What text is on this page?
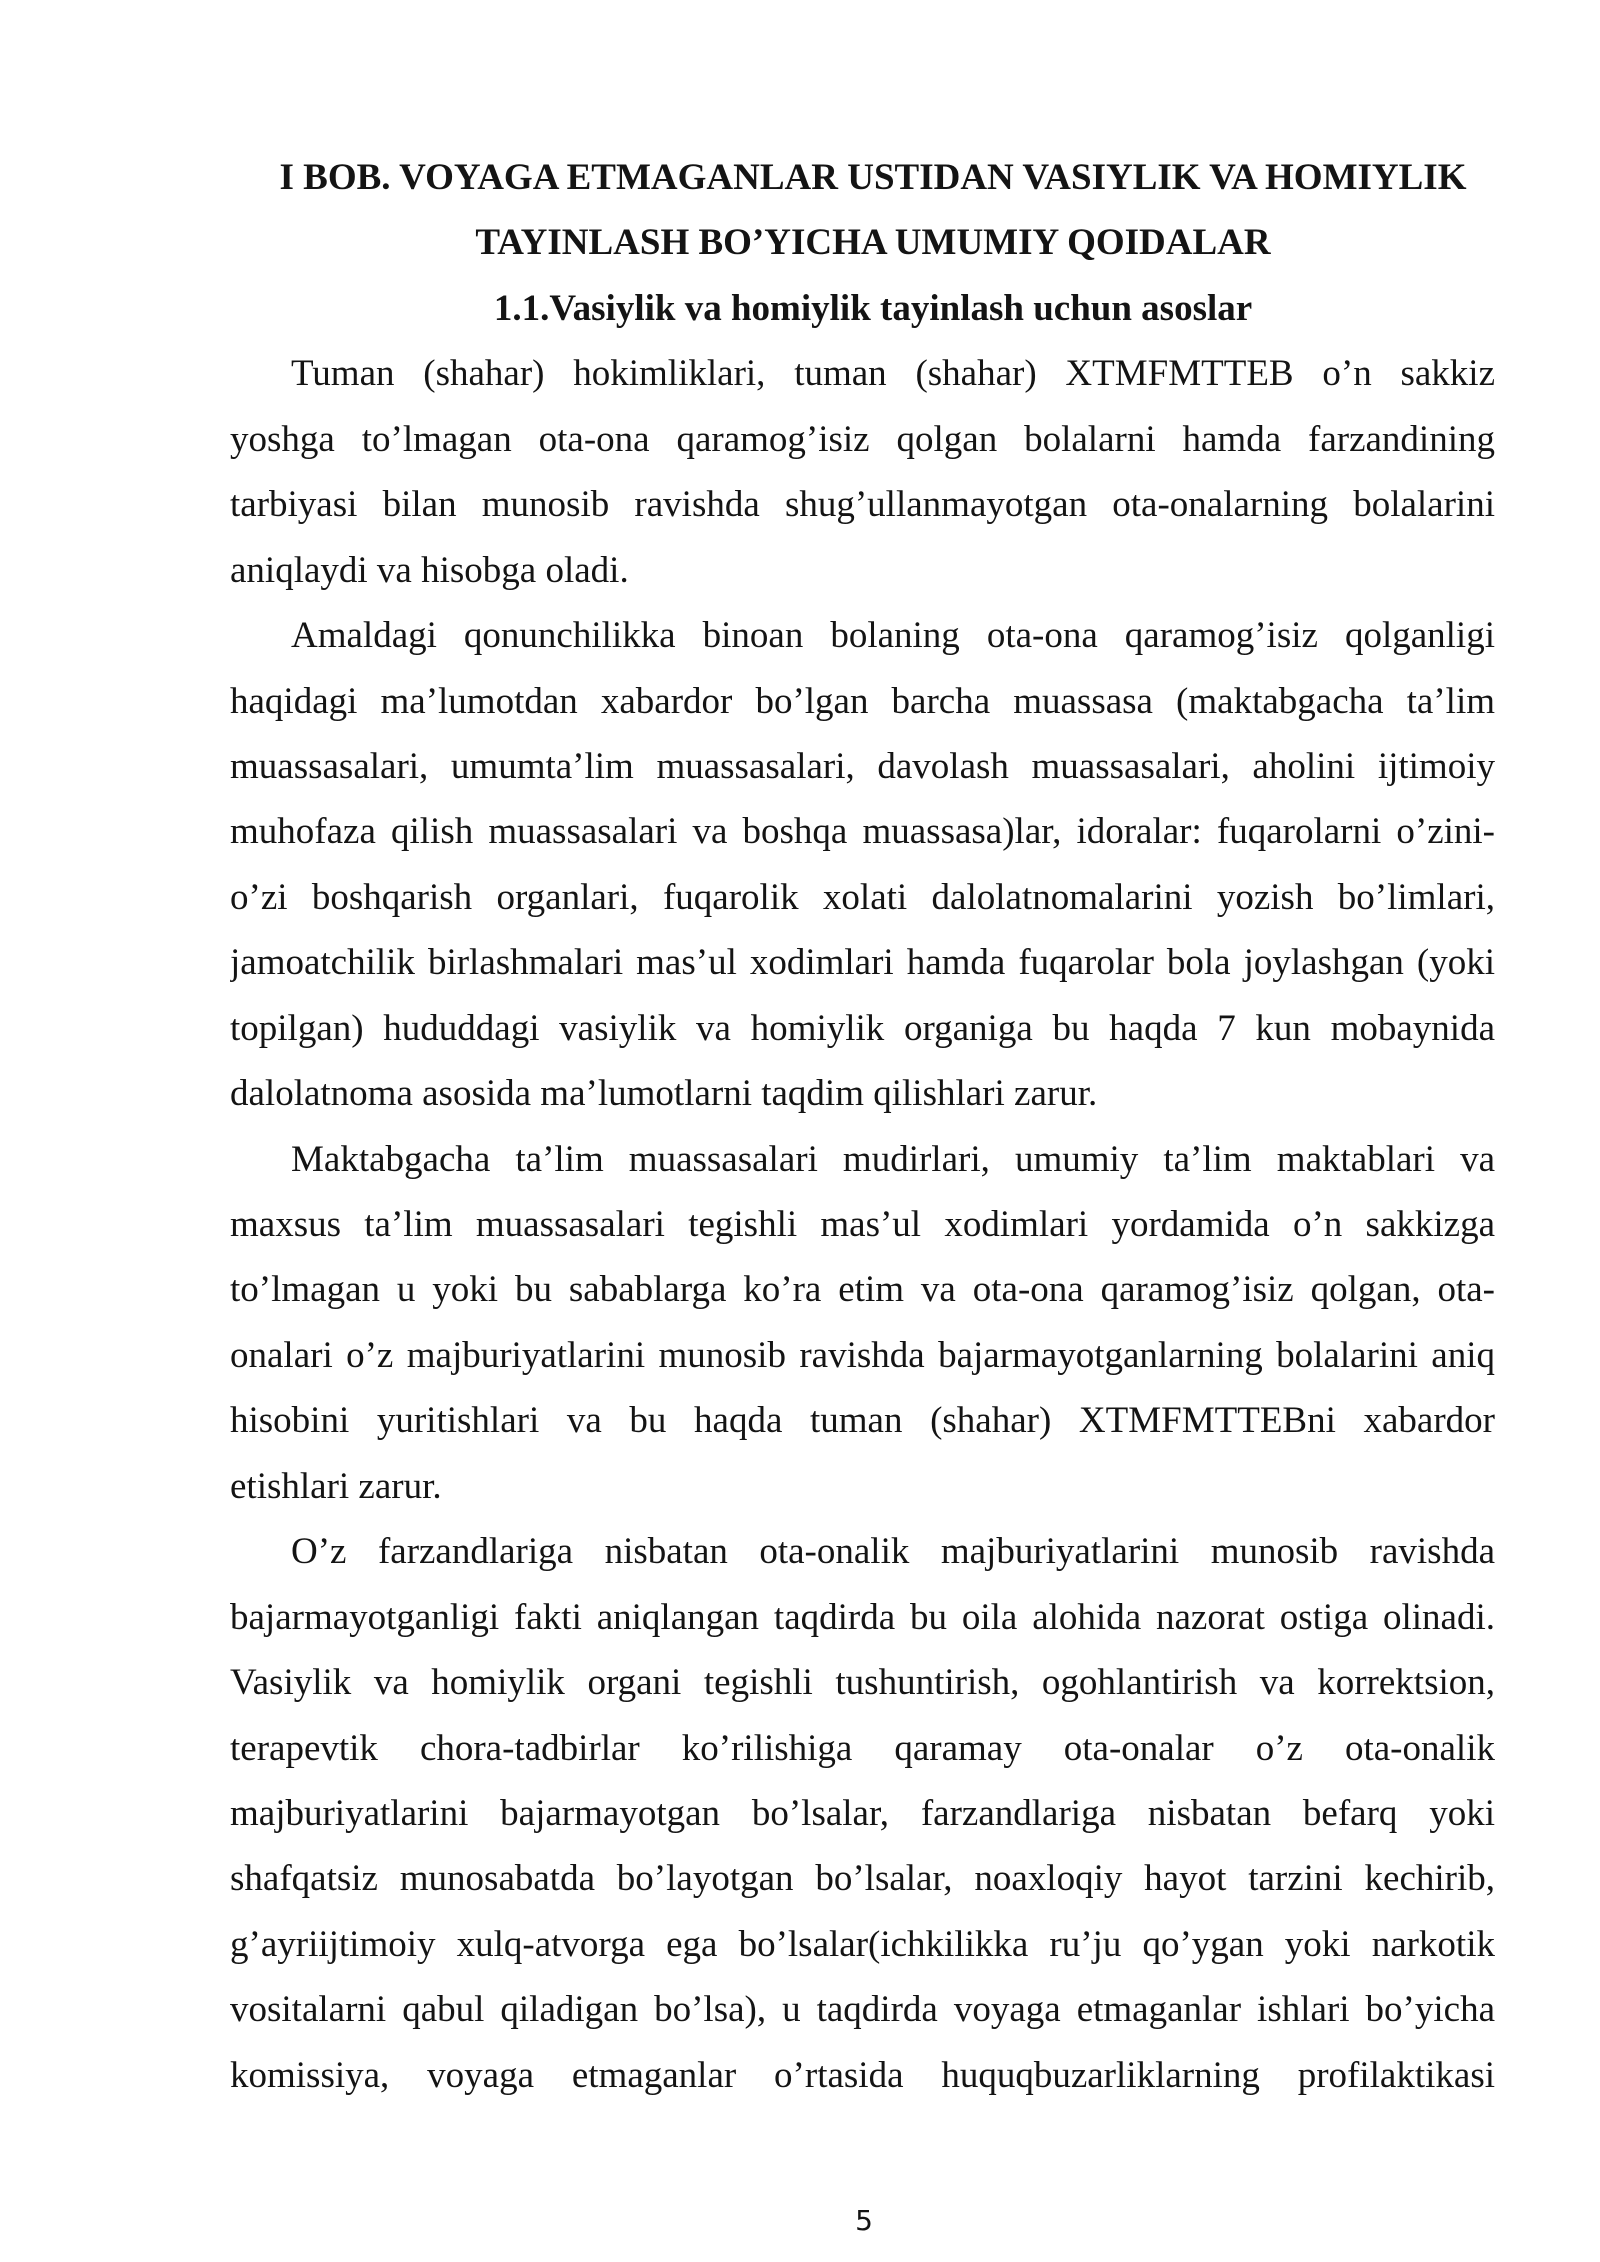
I BOB. VOYAGA ETMAGANLAR USTIDAN VASIYLIK VA HOMIYLIK
TAYINLASH BO’YICHA UMUMIY QOIDALAR
1.1.Vasiylik va homiylik tayinlash uchun asoslar
Tuman (shahar) hokimliklari, tuman (shahar) XTMFMTTEB o’n sakkiz
yoshga to’lmagan ota-ona qaramog’isiz qolgan bolalarni hamda farzandining
tarbiyasi bilan munosib ravishda shug’ullanmayotgan ota-onalarning bolalarini
aniqlaydi va hisobga oladi.
Amaldagi qonunchilikka binoan bolaning ota-ona qaramog’isiz qolganligi
haqidagi ma’lumotdan xabardor bo’lgan barcha muassasa (maktabgacha ta’lim
muassasalari, umumta’lim muassasalari, davolash muassasalari, aholini ijtimoiy
muhofaza qilish muassasalari va boshqa muassasa)lar, idoralar: fuqarolarni o’zini-
o’zi boshqarish organlari, fuqarolik xolati dalolatnomalarini yozish bo’limlari,
jamoatchilik birlashmalari mas’ul xodimlari hamda fuqarolar bola joylashgan (yoki
topilgan) hududdagi vasiylik va homiylik organiga bu haqda 7 kun mobaynida
dalolatnoma asosida ma’lumotlarni taqdim qilishlari zarur.
Maktabgacha ta’lim muassasalari mudirlari, umumiy ta’lim maktablari va
maxsus ta’lim muassasalari tegishli mas’ul xodimlari yordamida o’n sakkizga
to’lmagan u yoki bu sabablarga ko’ra etim va ota-ona qaramog’isiz qolgan, ota-
onalari o’z majburiyatlarini munosib ravishda bajarmayotganlarning bolalarini aniq
hisobini yuritishlari va bu haqda tuman (shahar) XTMFMTTEBni xabardor
etishlari zarur.
O’z farzandlariga nisbatan ota-onalik majburiyatlarini munosib ravishda
bajarmayotganligi fakti aniqlangan taqdirda bu oila alohida nazorat ostiga olinadi.
Vasiylik va homiylik organi tegishli tushuntirish, ogohlantirish va korrektsion,
terapevtik chora-tadbirlar ko’rilishiga qaramay ota-onalar o’z ota-onalik
majburiyatlarini bajarmayotgan bo’lsalar, farzandlariga nisbatan befarq yoki
shafqatsiz munosabatda bo’layotgan bo’lsalar, noaxloqiy hayot tarzini kechirib,
g’ayriijtimoiy xulq-atvorga ega bo’lsalar(ichkilikka ru’ju qo’ygan yoki narkotik
vositalarni qabul qiladigan bo’lsa), u taqdirda voyaga etmaganlar ishlari bo’yicha
komissiya, voyaga etmaganlar o’rtasida huquqbuzarliklarning profilaktikasi
5
